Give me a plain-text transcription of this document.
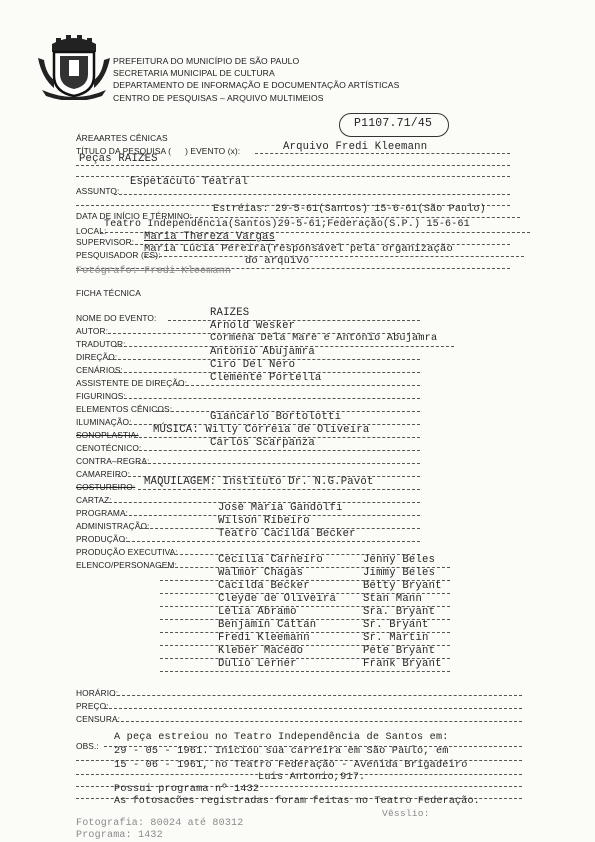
PREFEITURA DO MUNICÍPIO DE SÃO PAULO
SECRETARIA MUNICIPAL DE CULTURA
DEPARTAMENTO DE INFORMAÇÃO E DOCUMENTAÇÃO ARTÍSTICAS
CENTRO DE PESQUISAS – ARQUIVO MULTIMEIOS
P1107.71/45
ÁREA:
ARTES CÊNICAS
TÍTULO DA PESQUISA ( ) EVENTO (x):	Arquivo Fredi Kleemann
Peças RAIZES
Espetáculo Teatral
ASSUNTO:
DATA DE INÍCIO E TÉRMINO:
Estréias: 29-5-61(Santos) 15-6-61(São Paulo)
LOCAL:
Teatro Independência(Santos)29-5-61;Federação(S.P.) 15-6-61
SUPERVISOR: Maria Thereza Vargas
PESQUISADOR (ES):
Maria Lúcia Pereira(responsável pela organização
do arquivo
Fotógrafo: Fredi Kleemann
FICHA TÉCNICA
NOME DO EVENTO:	RAIZES
AUTOR:	Arnold Wesker
TRADUTOR:	Cormena Dela Mare e Antonio Abujamra
DIREÇÃO:	Antonio Abujamra
CENÁRIOS:	Ciro Del Nero
ASSISTENTE DE DIREÇÃO: Clemente Portella
FIGURINOS:
ELEMENTOS CÊNICOS:
ILUMINAÇÃO:	Giancarlo Bortolotti
SONOPLASTIA: MÚSICA: Willy Correia de Oliveira
CENOTÉCNICO:	Carlos Scarpanza
CONTRA–REGRA:
CAMAREIRO:
COSTUREIRO: MAQUILAGEM: Instituto Dr. N.G.Pavot
CARTAZ:
PROGRAMA:	José Maria Gandolfi
ADMINISTRAÇÃO:	Wilson Ribeiro
PRODUÇÃO:	Teatro Cacilda Becker
PRODUÇÃO EXECUTIVA:
ELENCO/PERSONAGEM:	Cecilia Carneiro	Jenny Beles
Walmor Chagas	Jimmy Beles
Cacilda Becker	Betty Bryant
Cleyde de Oliveira	Stan Mann
Lélia Abramo	Sra. Bryant
Benjamin Cattan	Sr. Bryant
Fredi Kleemann	Sr. Martin
Kleber Macedo	Pete Bryant
Dulio Lerner	Frank Bryant
HORÁRIO:
PREÇO:
CENSURA:
OBS.:
A peça estreiou no Teatro Independência de Santos em:
29 - 05 - 1961. Iniciou sua carreira em São Paulo, em
15 - 06 - 1961, no Teatro Federação - Avenida Brigadeiro
Luis Antonio,917.
Possui programa nº 1432
As fotosacões registradas foram feitas no Teatro Federação.
Vêsslio:
Fotografia: 80024 até 80312
Programa: 1432
